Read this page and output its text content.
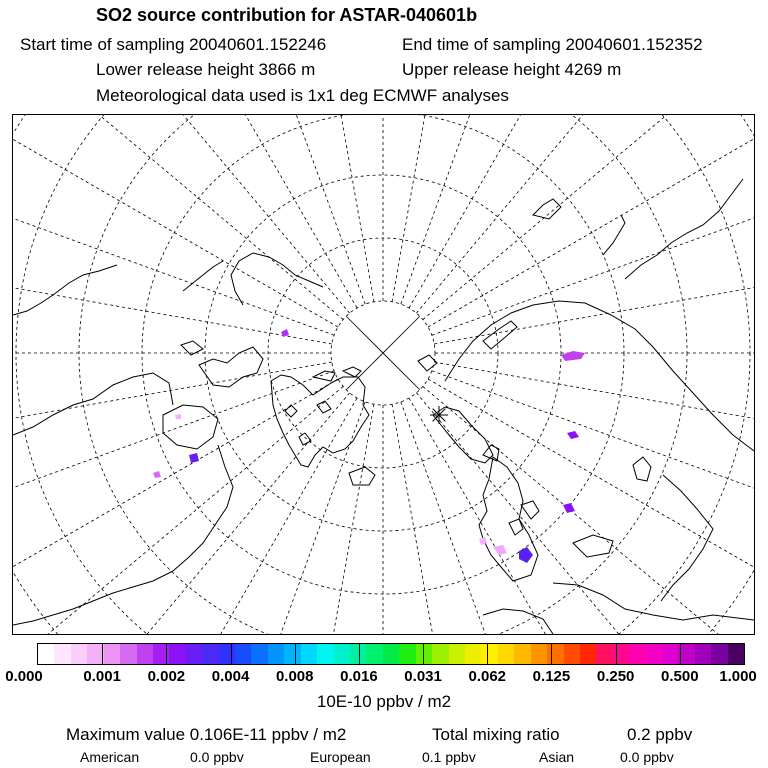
SO2 source contribution for ASTAR-040601b
Start time of sampling 20040601.152246	End time of sampling 20040601.152352
Lower release height 3866 m	Upper release height 4269 m
Meteorological data used is 1x1 deg ECMWF analyses
0.000	0.001 0.002 0.004 0.008 0.016 0.031 0.062 0.125 0.250 0.500 1.000
10E-10 ppbv / m2
Maximum value 0.106E-11 ppbv / m2	Total mixing ratio	0.2 ppbv
American	0.0 ppbv	European	0.1 ppbv	Asian	0.0 ppbv
